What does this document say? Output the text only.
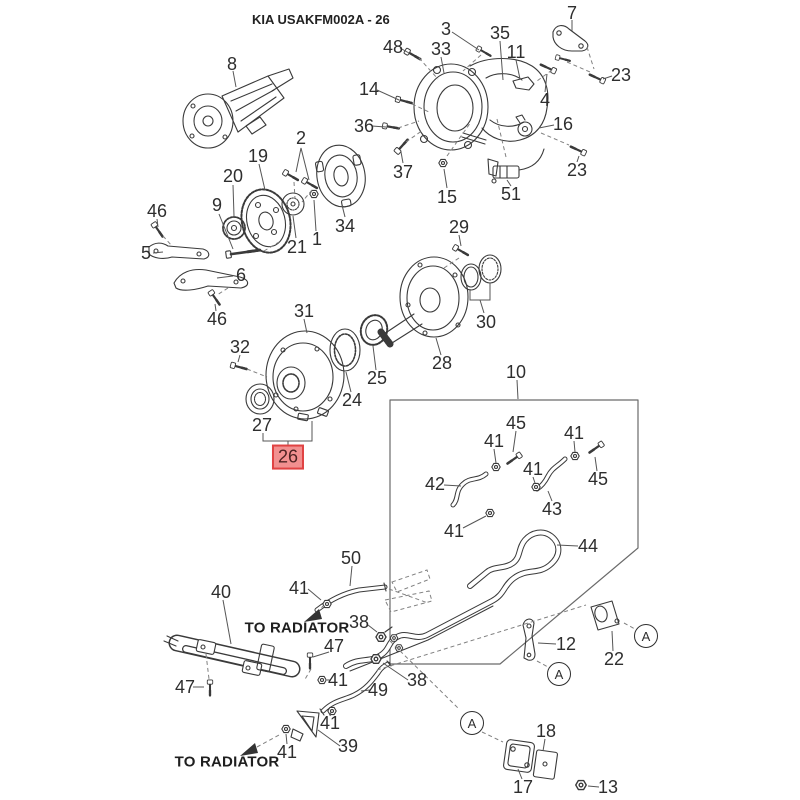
KIA USAKFM002A - 26	7
3 35
48 33	11
23
8
14
4
36	16
2
19
37	23
20
15 51
9
46
34	29
1
21
5
6
31
46	30
32
28	10
25
24
27
26
45
41	41
42
41 45
43
41
44
50
40	41
38
TO RADIATOR
47	12
22
A
A
47	41 49 38
A
41	18
39
41
TO RADIATOR
17	13
